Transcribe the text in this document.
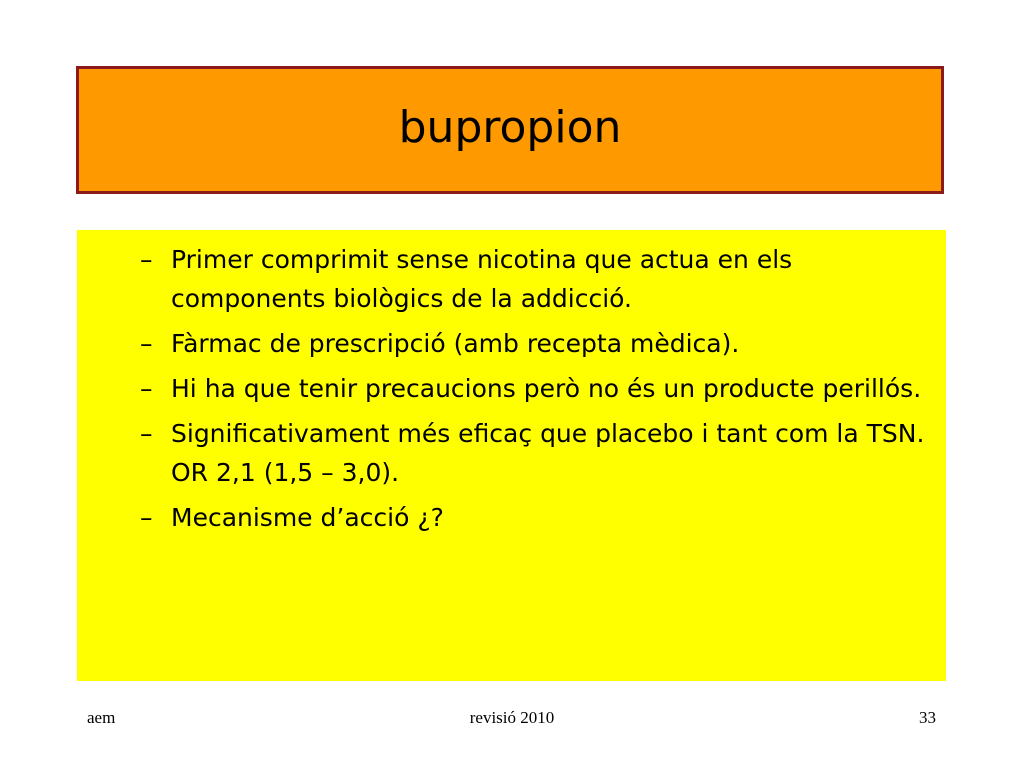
bupropion
– Primer comprimit sense nicotina que actua en els components biològics de la addicció.
– Fàrmac de prescripció (amb recepta mèdica).
– Hi ha que tenir precaucions però no és un producte perillós.
– Significativament més eficaç que placebo i tant com la TSN. OR 2,1 (1,5 – 3,0).
– Mecanisme d’acció ¿?
aem	revisió 2010	33
